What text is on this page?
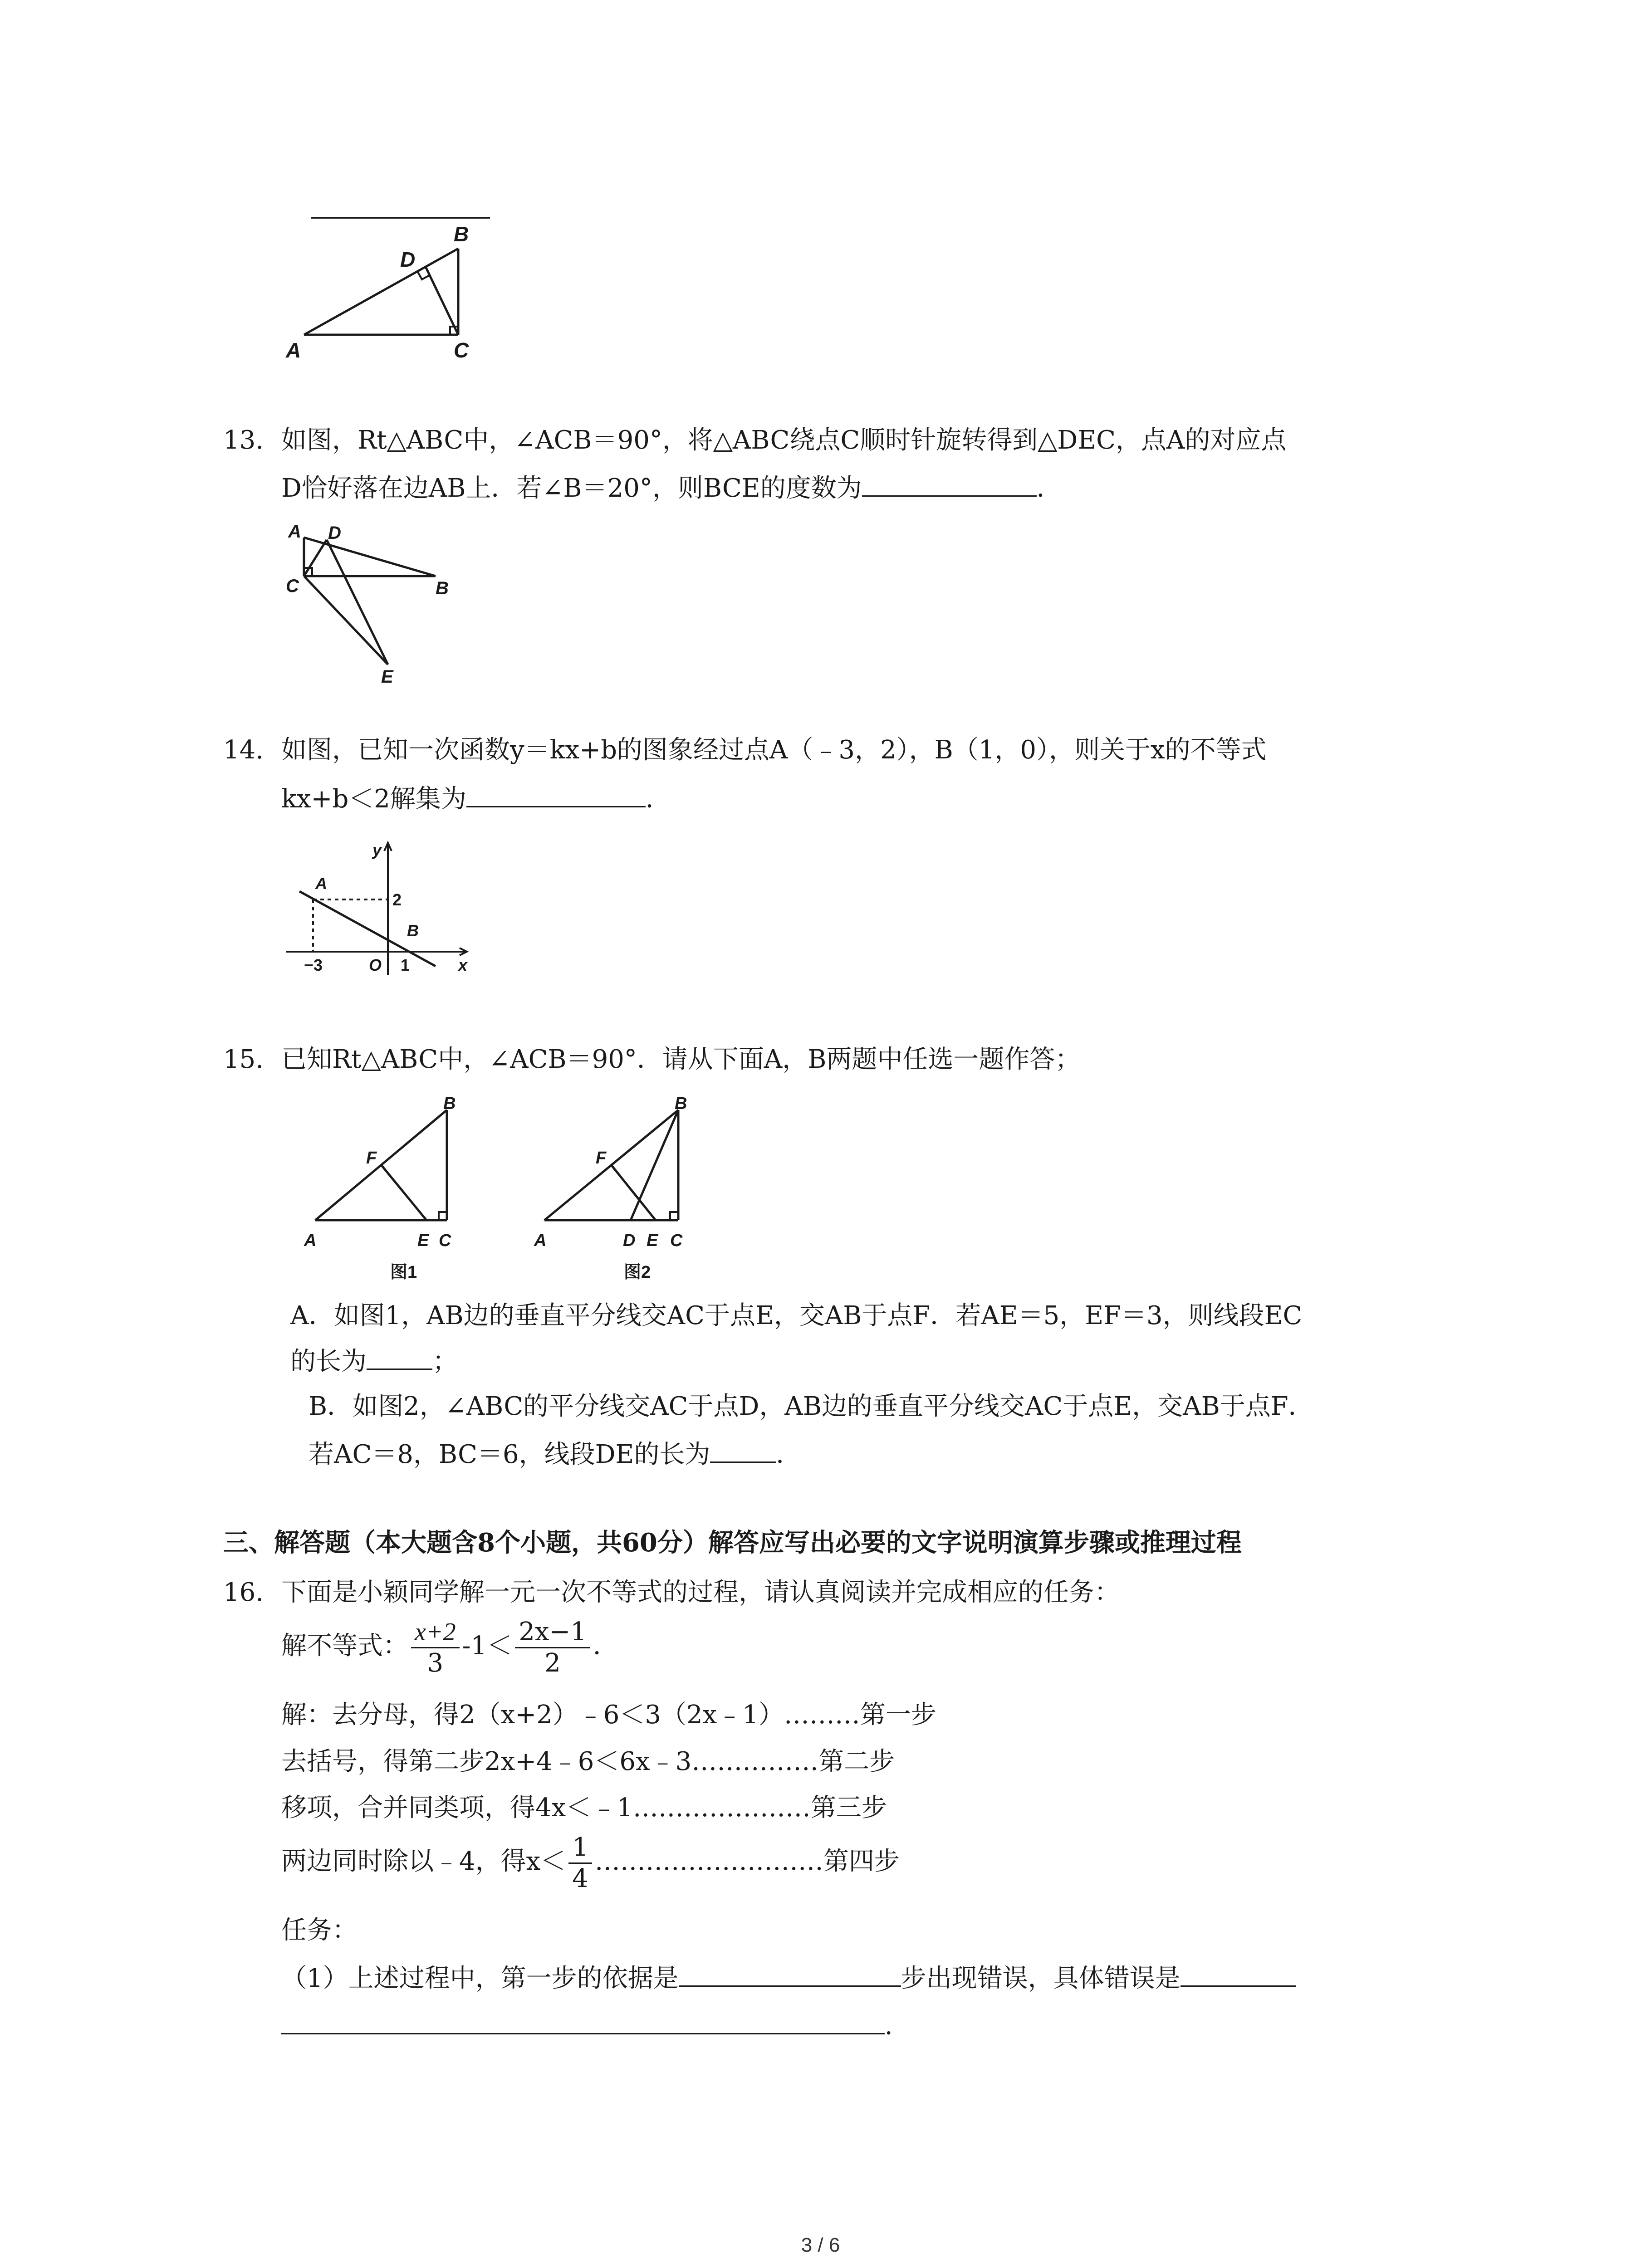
A	C
B
D
13. 如图，Rt△ABC中，∠ACB＝90°，将△ABC绕点C顺时针旋转得到△DEC，点A的对应点
D恰好落在边AB上．若∠B＝20°，则BCE的度数为	．
A D
C	B
E
14. 如图，已知一次函数y＝kx+b的图象经过点A（﹣3，2），B（1，0），则关于x的不等式
kx+b＜2解集为	．
y
x
A
B
2
−3	O 1
15. 已知Rt△ABC中，∠ACB＝90°．请从下面A，B两题中任选一题作答；
A
B
C
E
F
图1
A
B
C
D E
F
图2
A．如图1，AB边的垂直平分线交AC于点E，交AB于点F．若AE＝5，EF＝3，则线段EC
的长为	；
B．如图2，∠ABC的平分线交AC于点D，AB边的垂直平分线交AC于点E，交AB于点F．
若AC＝8，BC＝6，线段DE的长为	．
三、解答题（本大题含8个小题，共60分）解答应写出必要的文字说明演算步骤或推理过程
16. 下面是小颖同学解一元一次不等式的过程，请认真阅读并完成相应的任务：
解不等式： $\frac{x+2}{3} -1< \frac{2x-1}{2}$ ．
解：去分母，得2（x+2）﹣6＜3（2x﹣1）………第一步
去括号，得第二步2x+4﹣6＜6x﹣3……………第二步
移项，合并同类项，得4x＜﹣1…………………第三步
两边同时除以﹣4，得$x< \frac{1}{4}$ ………………………第四步
任务：
（1）上述过程中，第一步的依据是	步出现错误，具体错误是
．
3 / 6
